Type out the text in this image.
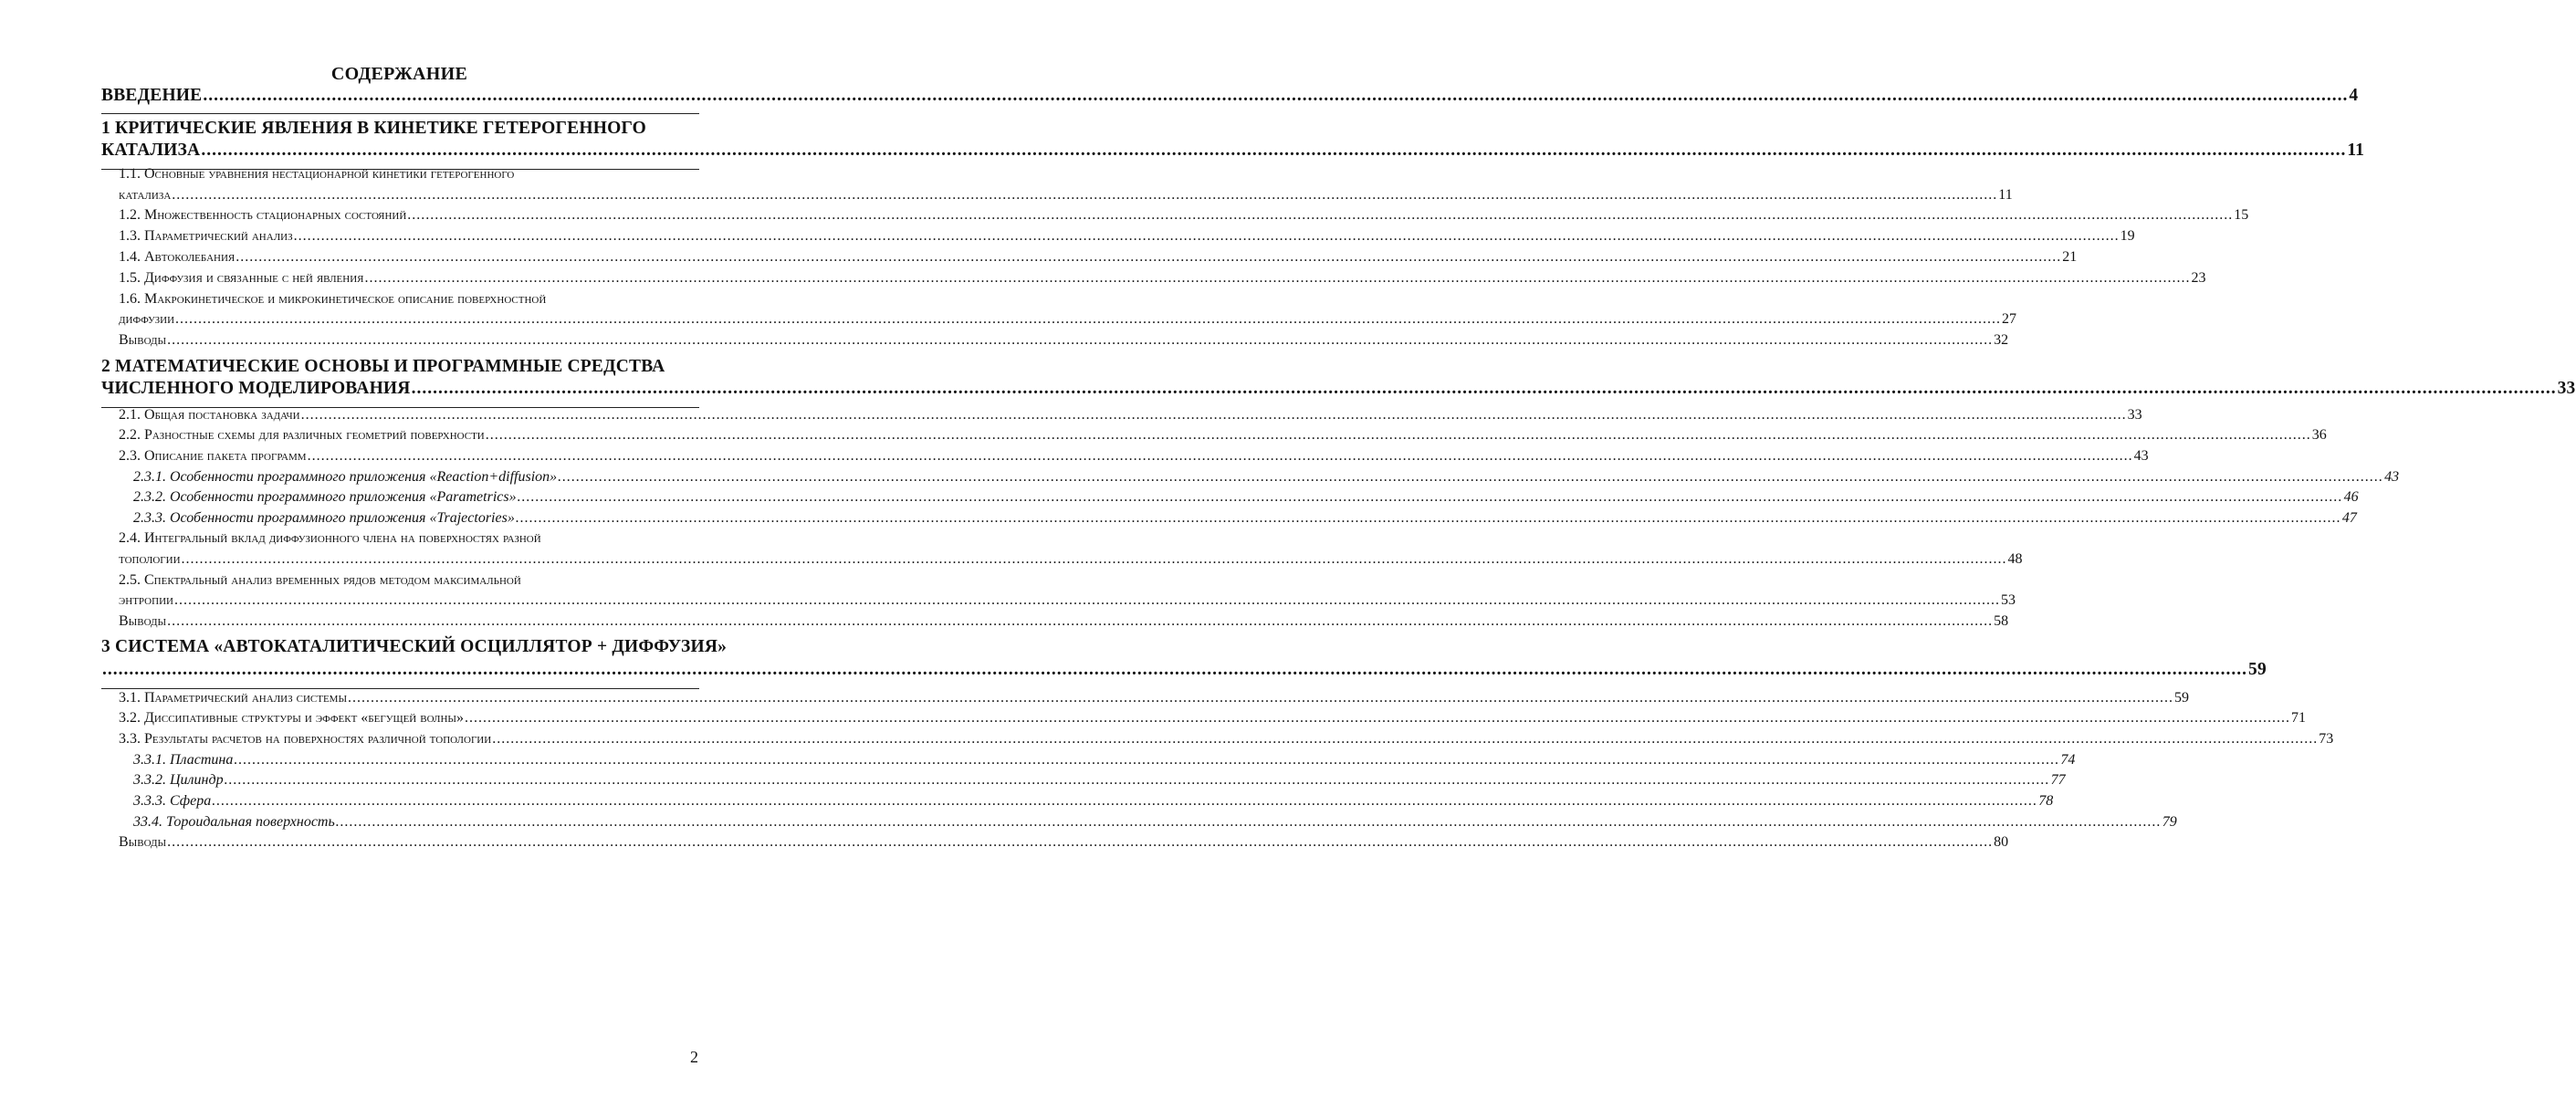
СОДЕРЖАНИЕ
ВВЕДЕНИЕ ................................................................................................................................................................................................................................................................................................................................................................................................................ 4
1 КРИТИЧЕСКИЕ ЯВЛЕНИЯ В КИНЕТИКЕ ГЕТЕРОГЕННОГО
КАТАЛИЗА ................................................................................................................................................................................................................................................................................................................................................................................................................ 11
1.1. Основные уравнения нестационарной кинетики гетерогенного
катализа ................................................................................................................................................................................................................................................................................................................................................................................................................ 11
1.2. Множественность стационарных состояний ................................................................................................................................................................................................................................................................................................................................................................................................................ 15
1.3. Параметрический анализ ................................................................................................................................................................................................................................................................................................................................................................................................................ 19
1.4. Автоколебания ................................................................................................................................................................................................................................................................................................................................................................................................................ 21
1.5. Диффузия и связанные с ней явления ................................................................................................................................................................................................................................................................................................................................................................................................................ 23
1.6. Макрокинетическое и микрокинетическое описание поверхностной
диффузии ................................................................................................................................................................................................................................................................................................................................................................................................................ 27
Выводы ................................................................................................................................................................................................................................................................................................................................................................................................................ 32
2 МАТЕМАТИЧЕСКИЕ ОСНОВЫ И ПРОГРАММНЫЕ СРЕДСТВА
ЧИСЛЕННОГО МОДЕЛИРОВАНИЯ ................................................................................................................................................................................................................................................................................................................................................................................................................ 33
2.1. Общая постановка задачи ................................................................................................................................................................................................................................................................................................................................................................................................................ 33
2.2. Разностные схемы для различных геометрий поверхности ................................................................................................................................................................................................................................................................................................................................................................................................................ 36
2.3. Описание пакета программ ................................................................................................................................................................................................................................................................................................................................................................................................................ 43
2.3.1. Особенности программного приложения «Reaction+diffusion» ................................................................................................................................................................................................................................................................................................................................................................................................................ 43
2.3.2. Особенности программного приложения «Parametrics» ................................................................................................................................................................................................................................................................................................................................................................................................................ 46
2.3.3. Особенности программного приложения «Trajectories» ................................................................................................................................................................................................................................................................................................................................................................................................................ 47
2.4. Интегральный вклад диффузионного члена на поверхностях разной
топологии ................................................................................................................................................................................................................................................................................................................................................................................................................ 48
2.5. Спектральный анализ временных рядов методом максимальной
энтропии ................................................................................................................................................................................................................................................................................................................................................................................................................ 53
Выводы ................................................................................................................................................................................................................................................................................................................................................................................................................ 58
3 СИСТЕМА «АВТОКАТАЛИТИЧЕСКИЙ ОСЦИЛЛЯТОР + ДИФФУЗИЯ»
................................................................................................................................................................................................................................................................................................................................................................................................................ 59
3.1. Параметрический анализ системы ................................................................................................................................................................................................................................................................................................................................................................................................................ 59
3.2. Диссипативные структуры и эффект «бегущей волны» ................................................................................................................................................................................................................................................................................................................................................................................................................ 71
3.3. Результаты расчетов на поверхностях различной топологии ................................................................................................................................................................................................................................................................................................................................................................................................................ 73
3.3.1. Пластина ................................................................................................................................................................................................................................................................................................................................................................................................................ 74
3.3.2. Цилиндр ................................................................................................................................................................................................................................................................................................................................................................................................................ 77
3.3.3. Сфера ................................................................................................................................................................................................................................................................................................................................................................................................................ 78
33.4. Тороидальная поверхность ................................................................................................................................................................................................................................................................................................................................................................................................................ 79
Выводы ................................................................................................................................................................................................................................................................................................................................................................................................................ 80
2
